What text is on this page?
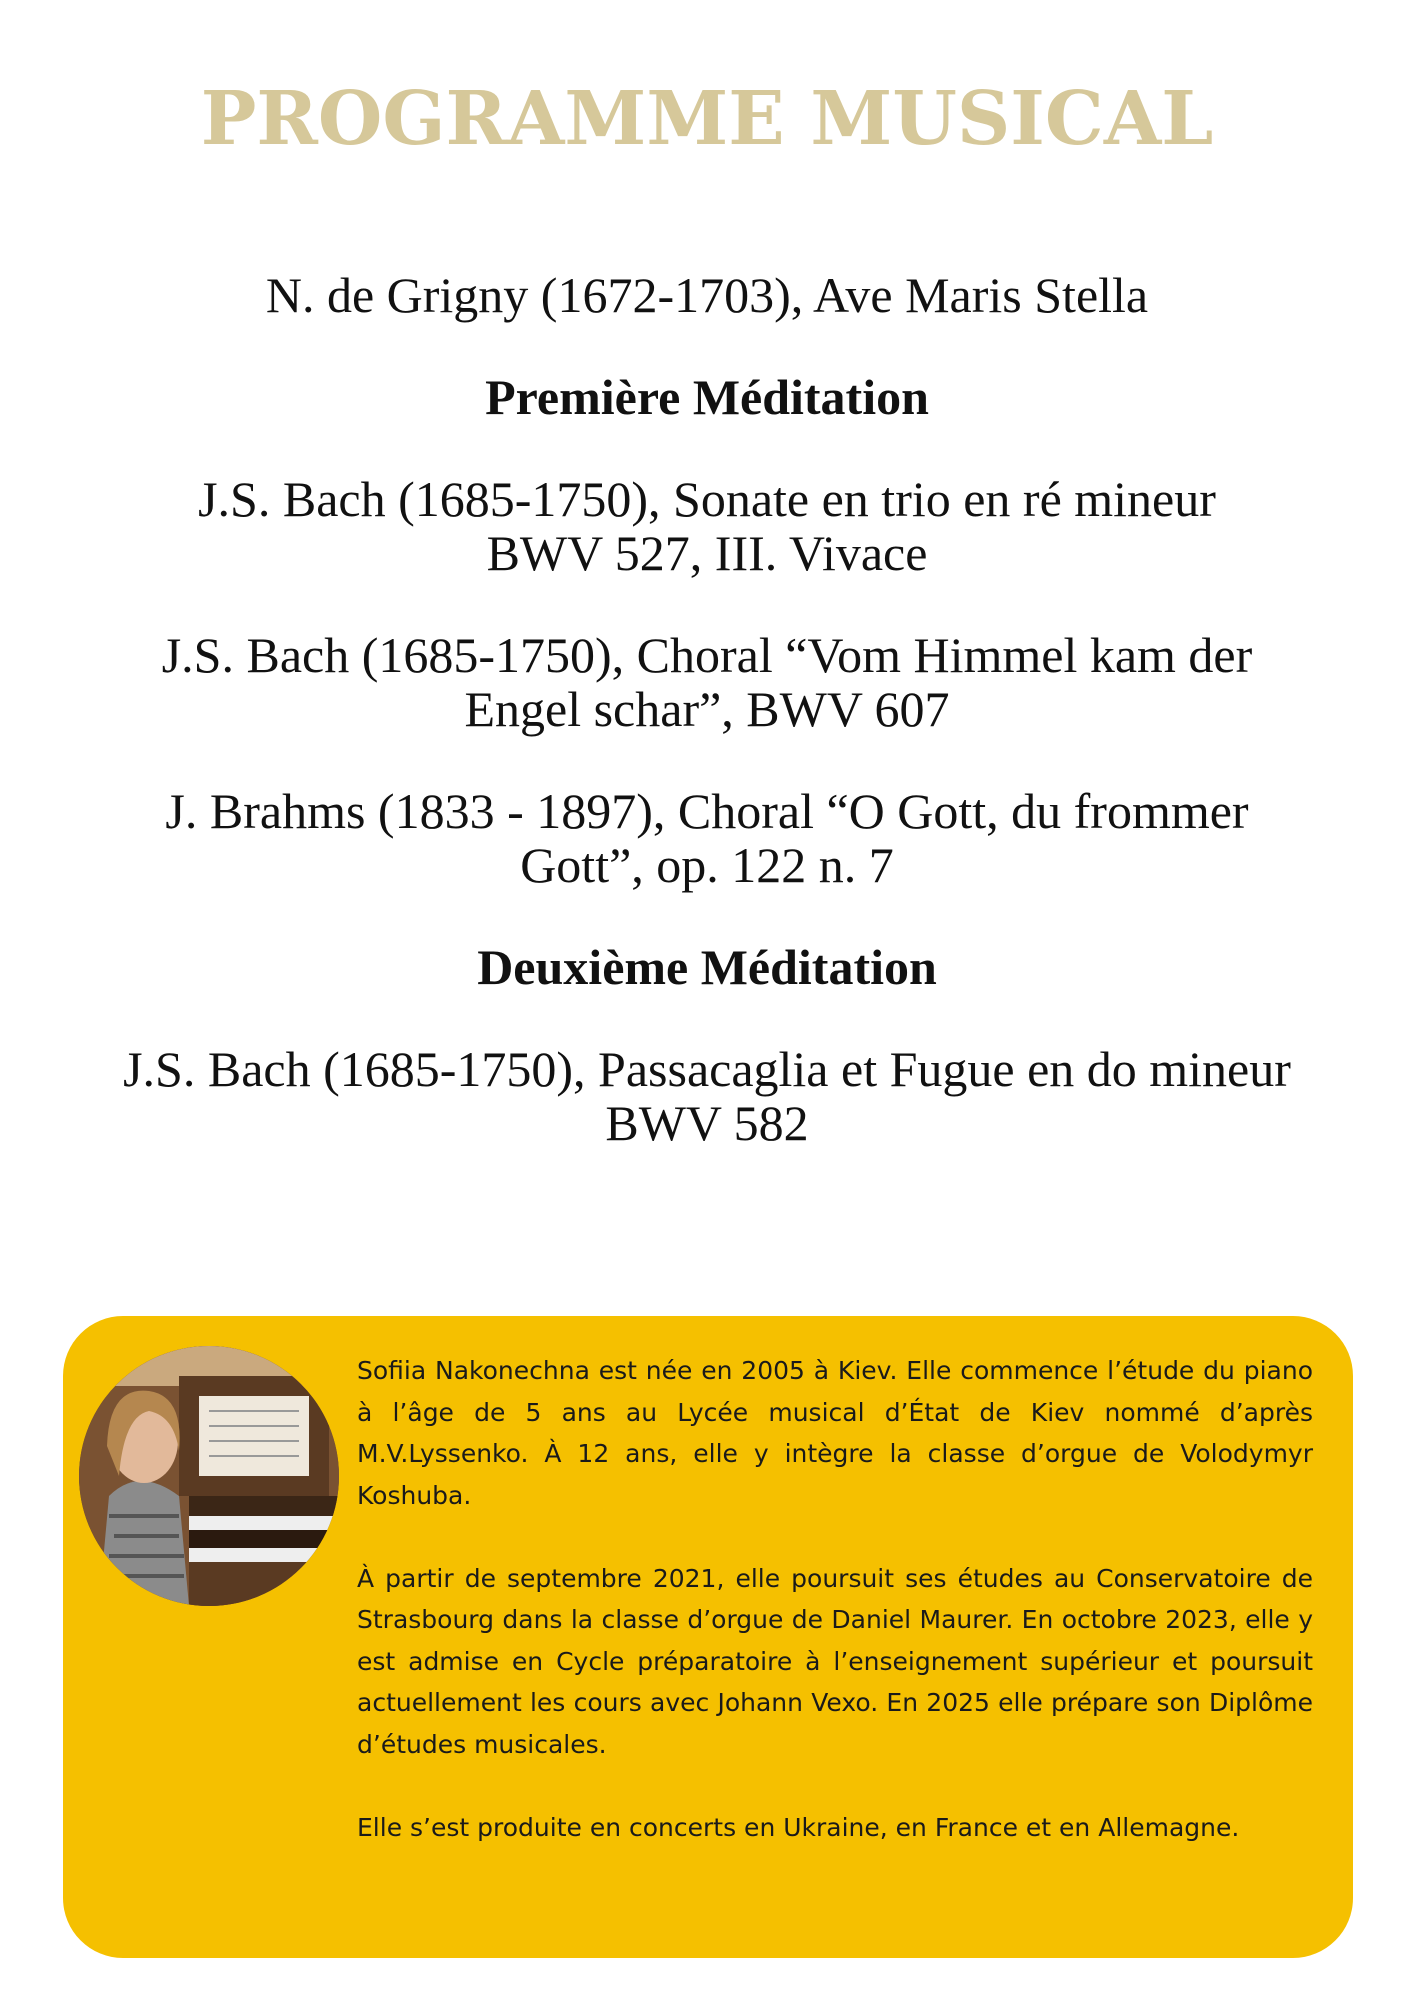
PROGRAMME MUSICAL
N. de Grigny (1672-1703), Ave Maris Stella
Première Méditation
J.S. Bach (1685-1750), Sonate en trio en ré mineur
BWV 527, III. Vivace
J.S. Bach (1685-1750), Choral “Vom Himmel kam der
Engel schar”, BWV 607
J. Brahms (1833 - 1897), Choral “O Gott, du frommer
Gott”, op. 122 n. 7
Deuxième Méditation
J.S. Bach (1685-1750), Passacaglia et Fugue en do mineur
BWV 582

Sofiia Nakonechna est née en 2005 à Kiev. Elle commence l’étude du piano à l’âge de 5 ans au Lycée musical d’État de Kiev nommé d’après M.V.Lyssenko. À 12 ans, elle y intègre la classe d’orgue de Volodymyr Koshuba.

À partir de septembre 2021, elle poursuit ses études au Conservatoire de Strasbourg dans la classe d’orgue de Daniel Maurer. En octobre 2023, elle y est admise en Cycle préparatoire à l’enseignement supérieur et poursuit actuellement les cours avec Johann Vexo. En 2025 elle prépare son Diplôme d’études musicales.

Elle s’est produite en concerts en Ukraine, en France et en Allemagne.
